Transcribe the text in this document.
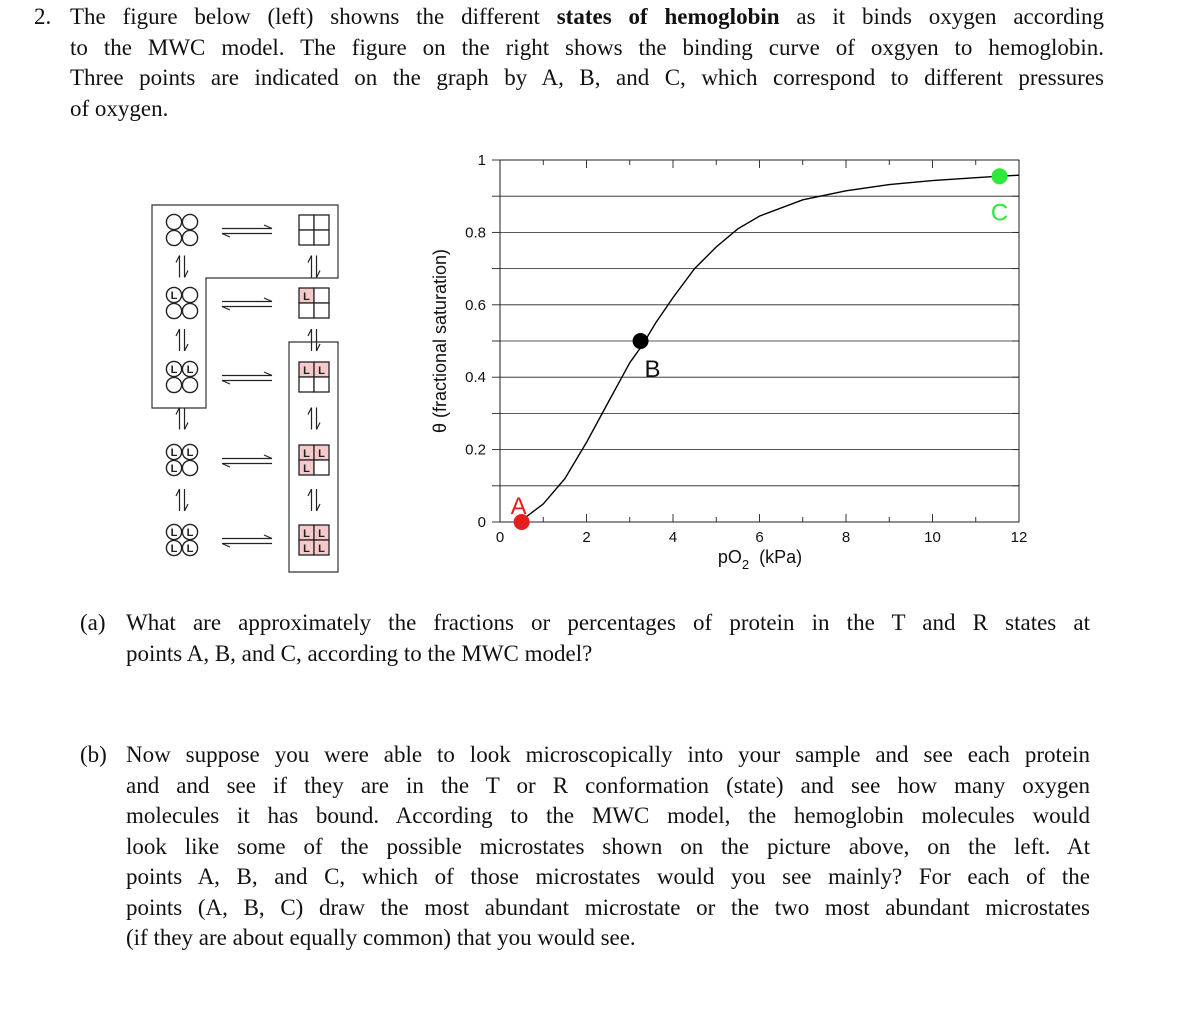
2. The figure below (left) showns the different states of hemoglobin as it binds oxygen according
to the MWC model. The figure on the right shows the binding curve of oxgyen to hemoglobin.
Three points are indicated on the graph by A, B, and C, which correspond to different pressures
of oxygen.
L	L
L L	L L
L L
L
L L
L
L L
L L
L L
L L
0	2	4	6	8	10	12
0
0.2
0.4
0.6
0.8
1
$pO_2$  (kPa)
θ (fractional saturation)
A
B
C
(a) What are approximately the fractions or percentages of protein in the T and R states at
points A, B, and C, according to the MWC model?
(b) Now suppose you were able to look microscopically into your sample and see each protein
and and see if they are in the T or R conformation (state) and see how many oxygen
molecules it has bound. According to the MWC model, the hemoglobin molecules would
look like some of the possible microstates shown on the picture above, on the left. At
points A, B, and C, which of those microstates would you see mainly? For each of the
points (A, B, C) draw the most abundant microstate or the two most abundant microstates
(if they are about equally common) that you would see.
